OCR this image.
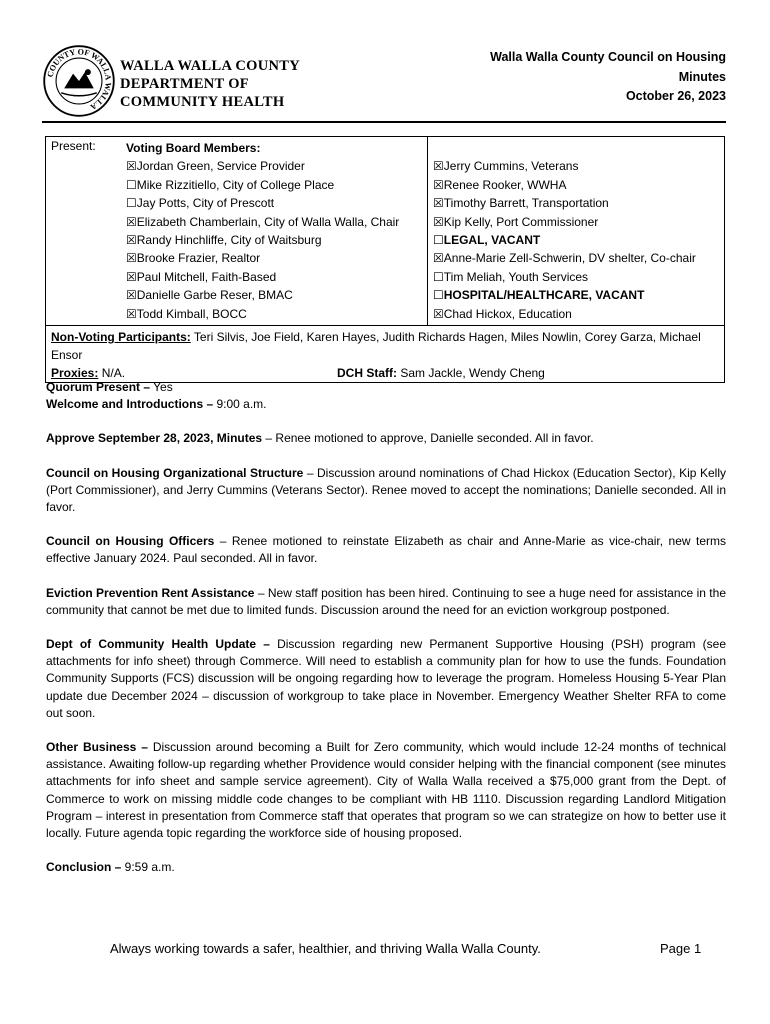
COUNTY OF WALLA WALLA
WALLA WALLA COUNTY
DEPARTMENT OF
COMMUNITY HEALTH
Walla Walla County Council on Housing
Minutes
October 26, 2023
Present:	Voting Board Members:
☒Jordan Green, Service Provider
☐Mike Rizzitiello, City of College Place
☐Jay Potts, City of Prescott
☒Elizabeth Chamberlain, City of Walla Walla, Chair
☒Randy Hinchliffe, City of Waitsburg
☒Brooke Frazier, Realtor
☒Paul Mitchell, Faith-Based
☒Danielle Garbe Reser, BMAC
☒Todd Kimball, BOCC

☒Jerry Cummins, Veterans
☒Renee Rooker, WWHA
☒Timothy Barrett, Transportation
☒Kip Kelly, Port Commissioner
☐LEGAL, VACANT
☒Anne-Marie Zell-Schwerin, DV shelter, Co-chair
☐Tim Meliah, Youth Services
☐HOSPITAL/HEALTHCARE, VACANT
☒Chad Hickox, Education

Non-Voting Participants: Teri Silvis, Joe Field, Karen Hayes, Judith Richards Hagen, Miles Nowlin, Corey Garza, Michael Ensor
Proxies: N/A.	DCH Staff: Sam Jackle, Wendy Cheng

Quorum Present – Yes

Welcome and Introductions – 9:00 a.m.

Approve September 28, 2023, Minutes – Renee motioned to approve, Danielle seconded. All in favor.

Council on Housing Organizational Structure – Discussion around nominations of Chad Hickox (Education Sector), Kip Kelly (Port Commissioner), and Jerry Cummins (Veterans Sector). Renee moved to accept the nominations; Danielle seconded. All in favor.

Council on Housing Officers – Renee motioned to reinstate Elizabeth as chair and Anne-Marie as vice-chair, new terms effective January 2024. Paul seconded. All in favor.

Eviction Prevention Rent Assistance – New staff position has been hired. Continuing to see a huge need for assistance in the community that cannot be met due to limited funds. Discussion around the need for an eviction workgroup postponed.

Dept of Community Health Update – Discussion regarding new Permanent Supportive Housing (PSH) program (see attachments for info sheet) through Commerce. Will need to establish a community plan for how to use the funds. Foundation Community Supports (FCS) discussion will be ongoing regarding how to leverage the program. Homeless Housing 5-Year Plan update due December 2024 – discussion of workgroup to take place in November. Emergency Weather Shelter RFA to come out soon.

Other Business – Discussion around becoming a Built for Zero community, which would include 12-24 months of technical assistance. Awaiting follow-up regarding whether Providence would consider helping with the financial component (see minutes attachments for info sheet and sample service agreement). City of Walla Walla received a $75,000 grant from the Dept. of Commerce to work on missing middle code changes to be compliant with HB 1110. Discussion regarding Landlord Mitigation Program – interest in presentation from Commerce staff that operates that program so we can strategize on how to better use it locally. Future agenda topic regarding the workforce side of housing proposed.

Conclusion – 9:59 a.m.

Always working towards a safer, healthier, and thriving Walla Walla County.	Page 1
